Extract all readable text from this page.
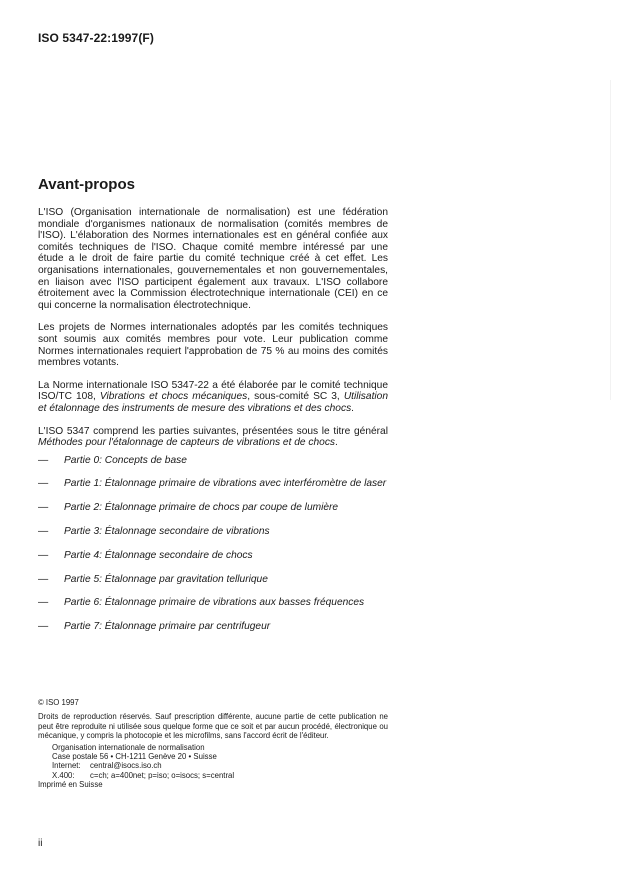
ISO 5347-22:1997(F)
Avant-propos

L'ISO (Organisation internationale de normalisation) est une fédération mondiale d'organismes nationaux de normalisation (comités membres de l'ISO). L'élaboration des Normes internationales est en général confiée aux comités techniques de l'ISO. Chaque comité membre intéressé par une étude a le droit de faire partie du comité technique créé à cet effet. Les organisations internationales, gouvernementales et non gouvernementales, en liaison avec l'ISO participent également aux travaux. L'ISO collabore étroitement avec la Commission électrotechnique internationale (CEI) en ce qui concerne la normalisation électrotechnique.

Les projets de Normes internationales adoptés par les comités techniques sont soumis aux comités membres pour vote. Leur publication comme Normes internationales requiert l'approbation de 75 % au moins des comités membres votants.

La Norme internationale ISO 5347-22 a été élaborée par le comité technique ISO/TC 108, Vibrations et chocs mécaniques, sous-comité SC 3, Utilisation et étalonnage des instruments de mesure des vibrations et des chocs.

L'ISO 5347 comprend les parties suivantes, présentées sous le titre général Méthodes pour l'étalonnage de capteurs de vibrations et de chocs.

—	Partie 0: Concepts de base
—	Partie 1: Étalonnage primaire de vibrations avec interféromètre de laser
—	Partie 2: Étalonnage primaire de chocs par coupe de lumière
—	Partie 3: Étalonnage secondaire de vibrations
—	Partie 4: Étalonnage secondaire de chocs
—	Partie 5: Étalonnage par gravitation tellurique
—	Partie 6: Étalonnage primaire de vibrations aux basses fréquences
—	Partie 7: Étalonnage primaire par centrifugeur
© ISO 1997
Droits de reproduction réservés. Sauf prescription différente, aucune partie de cette publication ne peut être reproduite ni utilisée sous quelque forme que ce soit et par aucun procédé, électronique ou mécanique, y compris la photocopie et les microfilms, sans l'accord écrit de l'éditeur.
Organisation internationale de normalisation
Case postale 56 • CH-1211 Genève 20 • Suisse
Internet:	central@isocs.iso.ch
X.400:	c=ch; a=400net; p=iso; o=isocs; s=central
Imprimé en Suisse
ii
